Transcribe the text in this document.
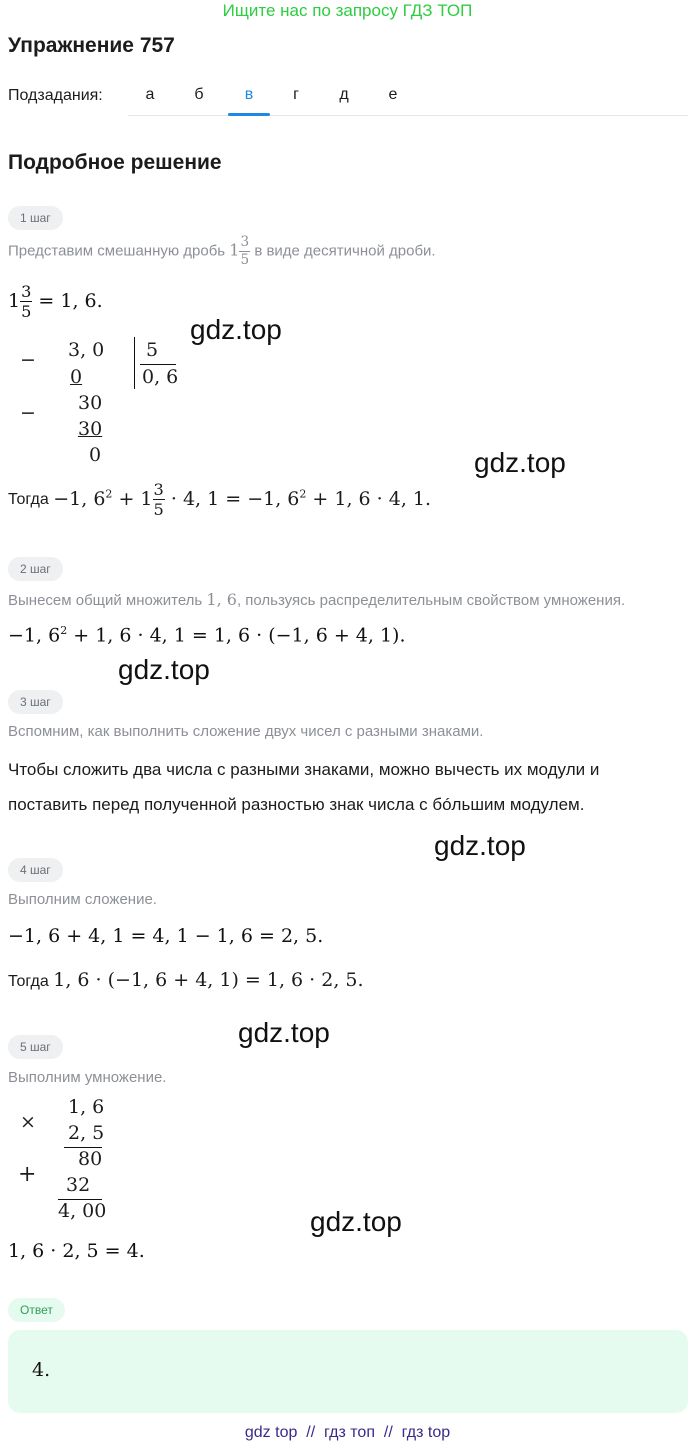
Ищите нас по запросу ГДЗ ТОП
Упражнение 757
Подзадания:	а	б	в	г	д	е
Подробное решение
1 шаг
Представим смешанную дробь $1 \frac{3}{5}$ в виде десятичной дроби.
$1 \frac{3}{5} = 1$, 6.
− 3, 0
0
5
0, 6
− 30
30
0
Тогда −1, $6^2 + 1 \frac{3}{5} \cdot 4$, 1 = −1, $6^2 + 1$, 6 · 4, 1.
2 шаг
Вынесем общий множитель 1, 6, пользуясь распределительным свойством умножения.
−1, $6^2 + 1$, 6 · 4, 1 = 1, 6 · (−1, 6 + 4, 1).
3 шаг
Вспомним, как выполнить сложение двух чисел с разными знаками.
Чтобы сложить два числа с разными знаками, можно вычесть их модули и
поставить перед полученной разностью знак числа с бóльшим модулем.
4 шаг
Выполним сложение.
−1, 6 + 4, 1 = 4, 1 − 1, 6 = 2, 5.
Тогда 1, 6 · (−1, 6 + 4, 1) = 1, 6 · 2, 5.
5 шаг
Выполним умножение.
×
1, 6
2, 5
80
+ 32
4, 00
1, 6 · 2, 5 = 4.
Ответ
4.
gdz.top
gdz.top
gdz.top
gdz.top
gdz.top
gdz.top
gdz top  //  гдз топ  //  гдз top
